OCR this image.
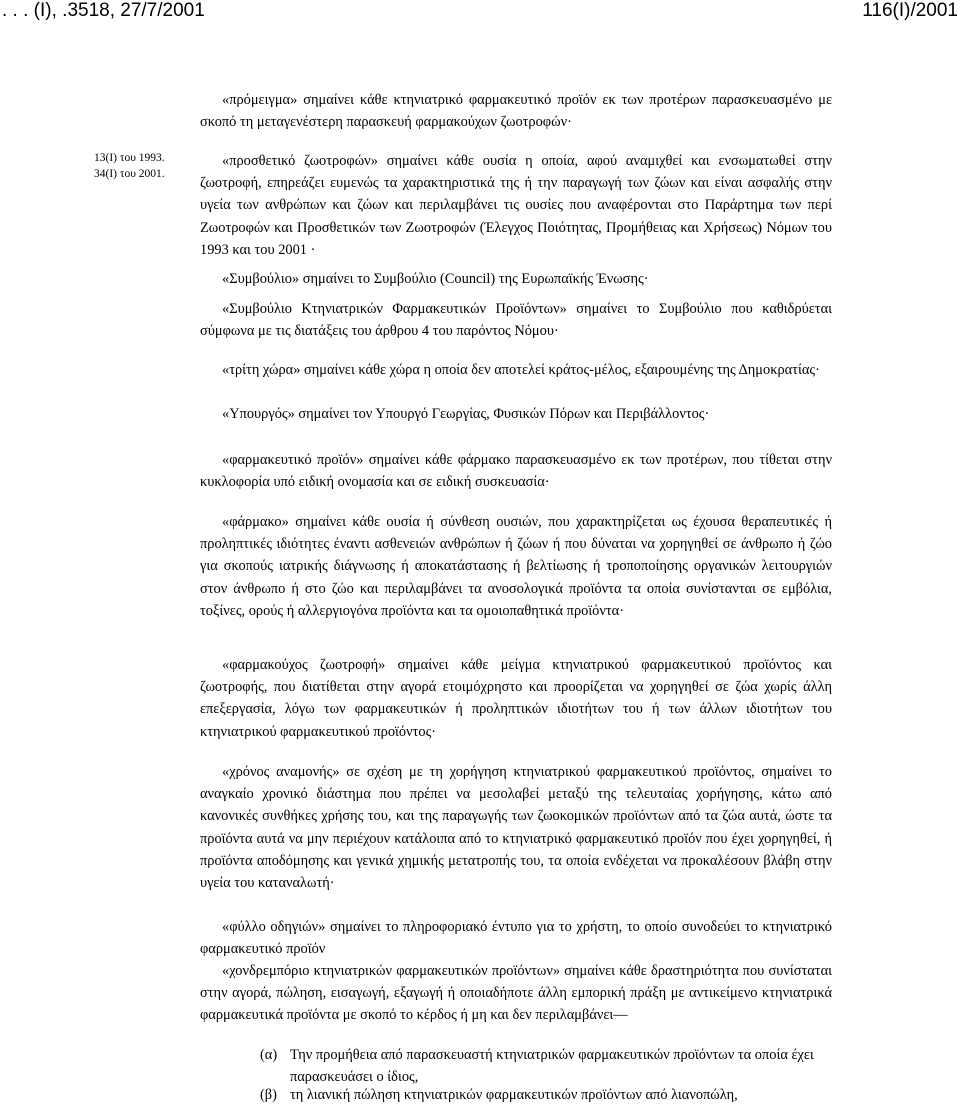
. . . (Ι), .3518, 27/7/2001	116(Ι)/2001
13(Ι) του 1993.
34(Ι) του 2001.
«πρόμειγμα» σημαίνει κάθε κτηνιατρικό φαρμακευτικό προϊόν εκ των προτέρων παρασκευασμένο με σκοπό τη μεταγενέστερη παρασκευή φαρμακούχων ζωοτροφών·
«προσθετικό ζωοτροφών» σημαίνει κάθε ουσία η οποία, αφού αναμιχθεί και ενσωματωθεί στην ζωοτροφή, επηρεάζει ευμενώς τα χαρακτηριστικά της ή την παραγωγή των ζώων και είναι ασφαλής στην υγεία των ανθρώπων και ζώων και περιλαμβάνει τις ουσίες που αναφέρονται στο Παράρτημα των περί Ζωοτροφών και Προσθετικών των Ζωοτροφών (Έλεγχος Ποιότητας, Προμήθειας και Χρήσεως) Νόμων του 1993 και του 2001 ·
«Συμβούλιο» σημαίνει το Συμβούλιο (Council) της Ευρωπαϊκής Ένωσης·
«Συμβούλιο Κτηνιατρικών Φαρμακευτικών Προϊόντων» σημαίνει το Συμβούλιο που καθιδρύεται σύμφωνα με τις διατάξεις του άρθρου 4 του παρόντος Νόμου·
«τρίτη χώρα» σημαίνει κάθε χώρα η οποία δεν αποτελεί κράτος-μέλος, εξαιρουμένης της Δημοκρατίας·
«Υπουργός» σημαίνει τον Υπουργό Γεωργίας, Φυσικών Πόρων και Περιβάλλοντος·
«φαρμακευτικό προϊόν» σημαίνει κάθε φάρμακο παρασκευασμένο εκ των προτέρων, που τίθεται στην κυκλοφορία υπό ειδική ονομασία και σε ειδική συσκευασία·
«φάρμακο» σημαίνει κάθε ουσία ή σύνθεση ουσιών, που χαρακτηρίζεται ως έχουσα θεραπευτικές ή προληπτικές ιδιότητες έναντι ασθενειών ανθρώπων ή ζώων ή που δύναται να χορηγηθεί σε άνθρωπο ή ζώο για σκοπούς ιατρικής διάγνωσης ή αποκατάστασης ή βελτίωσης ή τροποποίησης οργανικών λειτουργιών στον άνθρωπο ή στο ζώο και περιλαμβάνει τα ανοσολογικά προϊόντα τα οποία συνίστανται σε εμβόλια, τοξίνες, ορούς ή αλλεργιογόνα προϊόντα και τα ομοιοπαθητικά προϊόντα·
«φαρμακούχος ζωοτροφή» σημαίνει κάθε μείγμα κτηνιατρικού φαρμακευτικού προϊόντος και ζωοτροφής, που διατίθεται στην αγορά ετοιμόχρηστο και προορίζεται να χορηγηθεί σε ζώα χωρίς άλλη επεξεργασία, λόγω των φαρμακευτικών ή προληπτικών ιδιοτήτων του ή των άλλων ιδιοτήτων του κτηνιατρικού φαρμακευτικού προϊόντος·
«χρόνος αναμονής» σε σχέση με τη χορήγηση κτηνιατρικού φαρμακευτικού προϊόντος, σημαίνει το αναγκαίο χρονικό διάστημα που πρέπει να μεσολαβεί μεταξύ της τελευταίας χορήγησης, κάτω από κανονικές συνθήκες χρήσης του, και της παραγωγής των ζωοκομικών προϊόντων από τα ζώα αυτά, ώστε τα προϊόντα αυτά να μην περιέχουν κατάλοιπα από το κτηνιατρικό φαρμακευτικό προϊόν που έχει χορηγηθεί, ή προϊόντα αποδόμησης και γενικά χημικής μετατροπής του, τα οποία ενδέχεται να προκαλέσουν βλάβη στην υγεία του καταναλωτή·
«φύλλο οδηγιών» σημαίνει το πληροφοριακό έντυπο για το χρήστη, το οποίο συνοδεύει το κτηνιατρικό φαρμακευτικό προϊόν
«χονδρεμπόριο κτηνιατρικών φαρμακευτικών προϊόντων» σημαίνει κάθε δραστηριότητα που συνίσταται στην αγορά, πώληση, εισαγωγή, εξαγωγή ή οποιαδήποτε άλλη εμπορική πράξη με αντικείμενο κτηνιατρικά φαρμακευτικά προϊόντα με σκοπό το κέρδος ή μη και δεν περιλαμβάνει—
(α) Την προμήθεια από παρασκευαστή κτηνιατρικών φαρμακευτικών προϊόντων τα οποία έχει παρασκευάσει ο ίδιος,
(β) τη λιανική πώληση κτηνιατρικών φαρμακευτικών προϊόντων από λιανοπώλη,
